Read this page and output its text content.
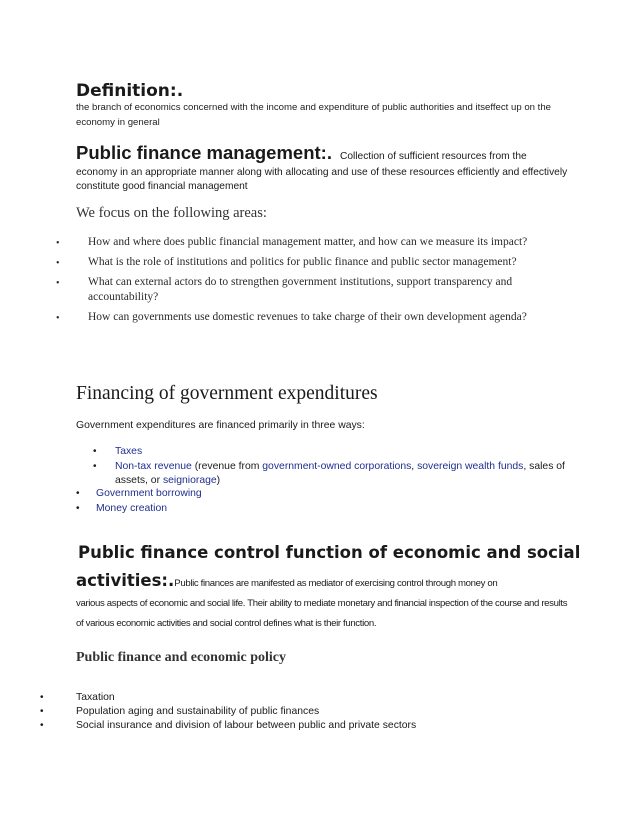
Definition:.
the branch of economics concerned with the income and expenditure of public authorities and itseffect up on the economy in general
Public finance management:. Collection of sufficient resources from the
economy in an appropriate manner along with allocating and use of these resources efficiently and effectively constitute good financial management
We focus on the following areas:
• How and where does public financial management matter, and how can we measure its impact?
• What is the role of institutions and politics for public finance and public sector management?
• What can external actors do to strengthen government institutions, support transparency and accountability?
• How can governments use domestic revenues to take charge of their own development agenda?
Financing of government expenditures
Government expenditures are financed primarily in three ways:
• Taxes
• Non-tax revenue (revenue from government-owned corporations, sovereign wealth funds, sales of assets, or seigniorage)
• Government borrowing
• Money creation
Public finance control function of economic and social
activities:.Public finances are manifested as mediator of exercising control through money on
various aspects of economic and social life. Their ability to mediate monetary and financial inspection of the course and results of various economic activities and social control defines what is their function.
Public finance and economic policy
•	Taxation
•	Population aging and sustainability of public finances
•	Social insurance and division of labour between public and private sectors
